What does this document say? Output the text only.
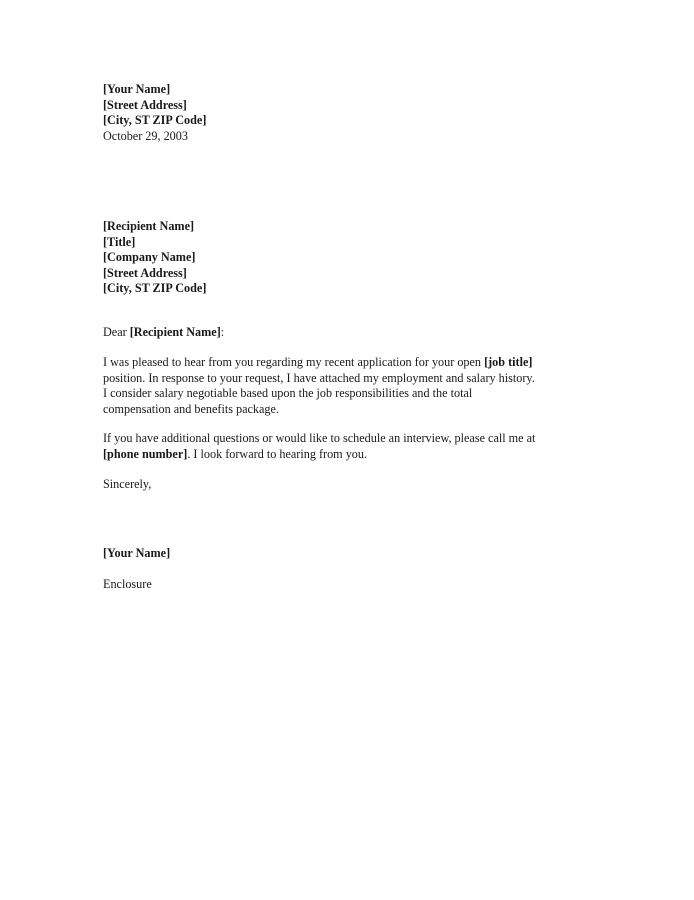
[Your Name]
[Street Address]
[City, ST ZIP Code]
October 29, 2003
[Recipient Name]
[Title]
[Company Name]
[Street Address]
[City, ST ZIP Code]
Dear [Recipient Name]:
I was pleased to hear from you regarding my recent application for your open [job title]
position. In response to your request, I have attached my employment and salary history.
I consider salary negotiable based upon the job responsibilities and the total
compensation and benefits package.
If you have additional questions or would like to schedule an interview, please call me at
[phone number]. I look forward to hearing from you.
Sincerely,
[Your Name]
Enclosure
